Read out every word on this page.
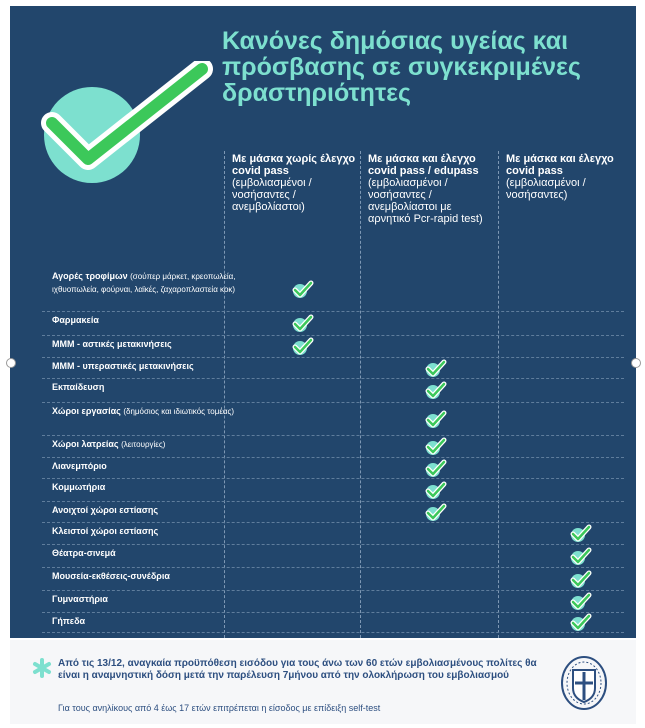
Κανόνες δημόσιας υγείας και
πρόσβασης σε συγκεκριμένες
δραστηριότητες
Με μάσκα χωρίς έλεγχο covid pass (εμβολιασμένοι / νοσήσαντες / ανεμβολίαστοι)
Με μάσκα και έλεγχο covid pass / edupass (εμβολιασμένοι / νοσήσαντες / ανεμβολίαστοι με αρνητικό Pcr-rapid test)
Με μάσκα και έλεγχο covid pass (εμβολιασμένοι /νοσήσαντες)
Αγορές τροφίμων (σούπερ μάρκετ, κρεοπωλεία, ιχθυοπωλεία, φούρναι, λαϊκές, ζαχαροπλαστεία κοκ)
Φαρμακεία
ΜΜΜ - αστικές μετακινήσεις
ΜΜΜ - υπεραστικές μετακινήσεις
Εκπαίδευση
Χώροι εργασίας (δημόσιος και ιδιωτικός τομέας)
Χώροι λατρείας (λειτουργίες)
Λιανεμπόριο
Κομμωτήρια
Ανοιχτοί χώροι εστίασης
Κλειστοί χώροι εστίασης
Θέατρα-σινεμά
Μουσεία-εκθέσεις-συνέδρια
Γυμναστήρια
Γήπεδα
Από τις 13/12, αναγκαία προϋπόθεση εισόδου για τους άνω των 60 ετών εμβολιασμένους πολίτες θα είναι η αναμνηστική δόση μετά την παρέλευση 7μήνου από την ολοκλήρωση του εμβολιασμού
Για τους ανηλίκους από 4 έως 17 ετών επιτρέπεται η είσοδος με επίδειξη self-test
